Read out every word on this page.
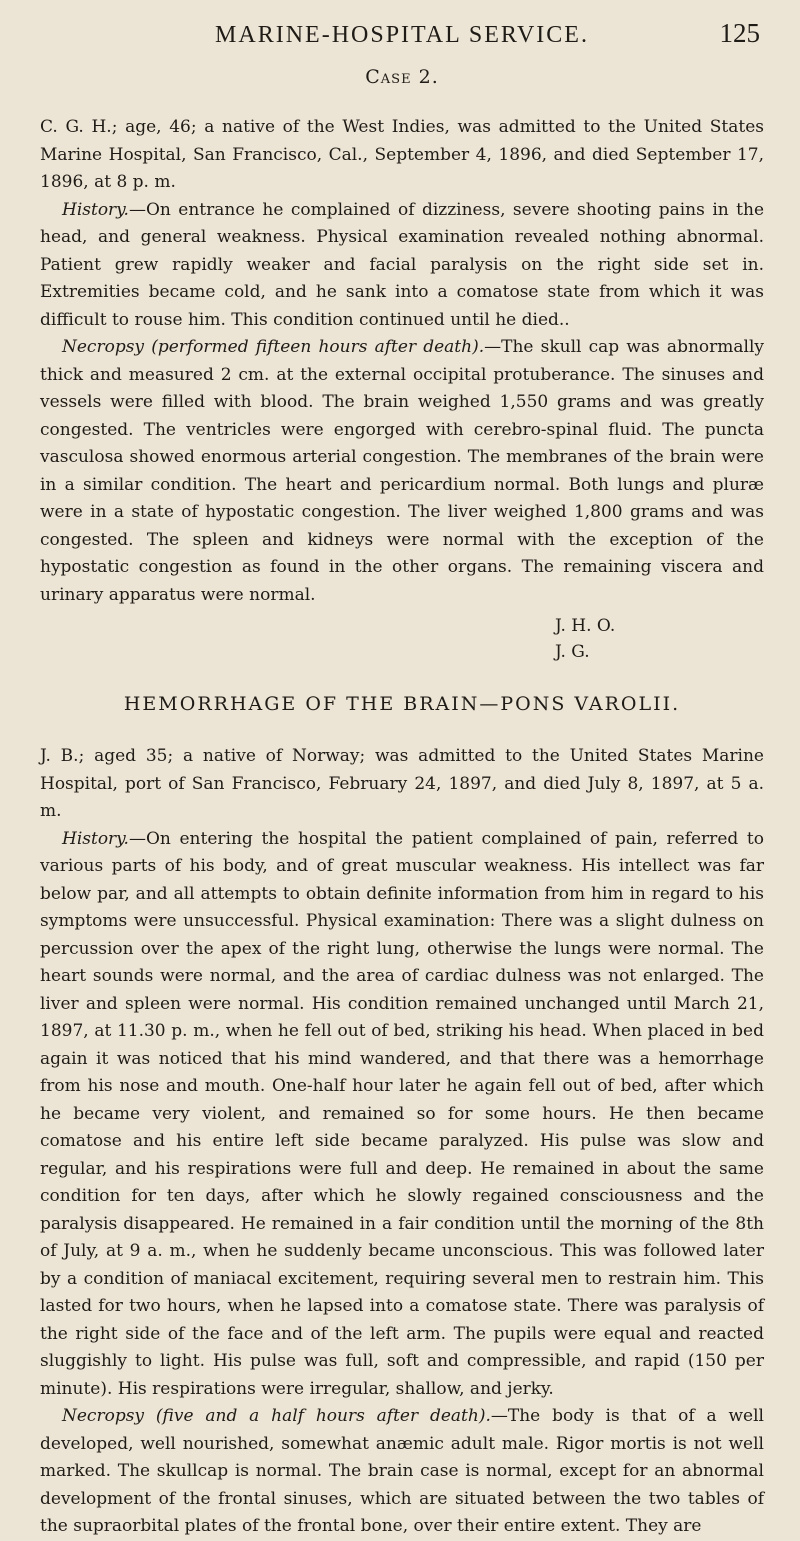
MARINE-HOSPITAL SERVICE.	125
Case 2.

C. G. H.; age, 46; a native of the West Indies, was admitted to the United States Marine Hospital, San Francisco, Cal., September 4, 1896, and died September 17, 1896, at 8 p. m.

History.—On entrance he complained of dizziness, severe shooting pains in the head, and general weakness. Physical examination revealed nothing abnormal. Patient grew rapidly weaker and facial paralysis on the right side set in. Extremities became cold, and he sank into a comatose state from which it was difficult to rouse him. This condition continued until he died..

Necropsy (performed fifteen hours after death).—The skull cap was abnormally thick and measured 2 cm. at the external occipital protuberance. The sinuses and vessels were filled with blood. The brain weighed 1,550 grams and was greatly congested. The ventricles were engorged with cerebro-spinal fluid. The puncta vasculosa showed enormous arterial congestion. The membranes of the brain were in a similar condition. The heart and pericardium normal. Both lungs and pluræ were in a state of hypostatic congestion. The liver weighed 1,800 grams and was congested. The spleen and kidneys were normal with the exception of the hypostatic congestion as found in the other organs. The remaining viscera and urinary apparatus were normal.

J. H. O.
J. G.
HEMORRHAGE OF THE BRAIN—PONS VAROLII.

J. B.; aged 35; a native of Norway; was admitted to the United States Marine Hospital, port of San Francisco, February 24, 1897, and died July 8, 1897, at 5 a. m.

History.—On entering the hospital the patient complained of pain, referred to various parts of his body, and of great muscular weakness. His intellect was far below par, and all attempts to obtain definite information from him in regard to his symptoms were unsuccessful. Physical examination: There was a slight dulness on percussion over the apex of the right lung, otherwise the lungs were normal. The heart sounds were normal, and the area of cardiac dulness was not enlarged. The liver and spleen were normal. His condition remained unchanged until March 21, 1897, at 11.30 p. m., when he fell out of bed, striking his head. When placed in bed again it was noticed that his mind wandered, and that there was a hemorrhage from his nose and mouth. One-half hour later he again fell out of bed, after which he became very violent, and remained so for some hours. He then became comatose and his entire left side became paralyzed. His pulse was slow and regular, and his respirations were full and deep. He remained in about the same condition for ten days, after which he slowly regained consciousness and the paralysis disappeared. He remained in a fair condition until the morning of the 8th of July, at 9 a. m., when he suddenly became unconscious. This was followed later by a condition of maniacal excitement, requiring several men to restrain him. This lasted for two hours, when he lapsed into a comatose state. There was paralysis of the right side of the face and of the left arm. The pupils were equal and reacted sluggishly to light. His pulse was full, soft and compressible, and rapid (150 per minute). His respirations were irregular, shallow, and jerky.

Necropsy (five and a half hours after death).—The body is that of a well developed, well nourished, somewhat anæmic adult male. Rigor mortis is not well marked. The skullcap is normal. The brain case is normal, except for an abnormal development of the frontal sinuses, which are situated between the two tables of the supraorbital plates of the frontal bone, over their entire extent. They are
